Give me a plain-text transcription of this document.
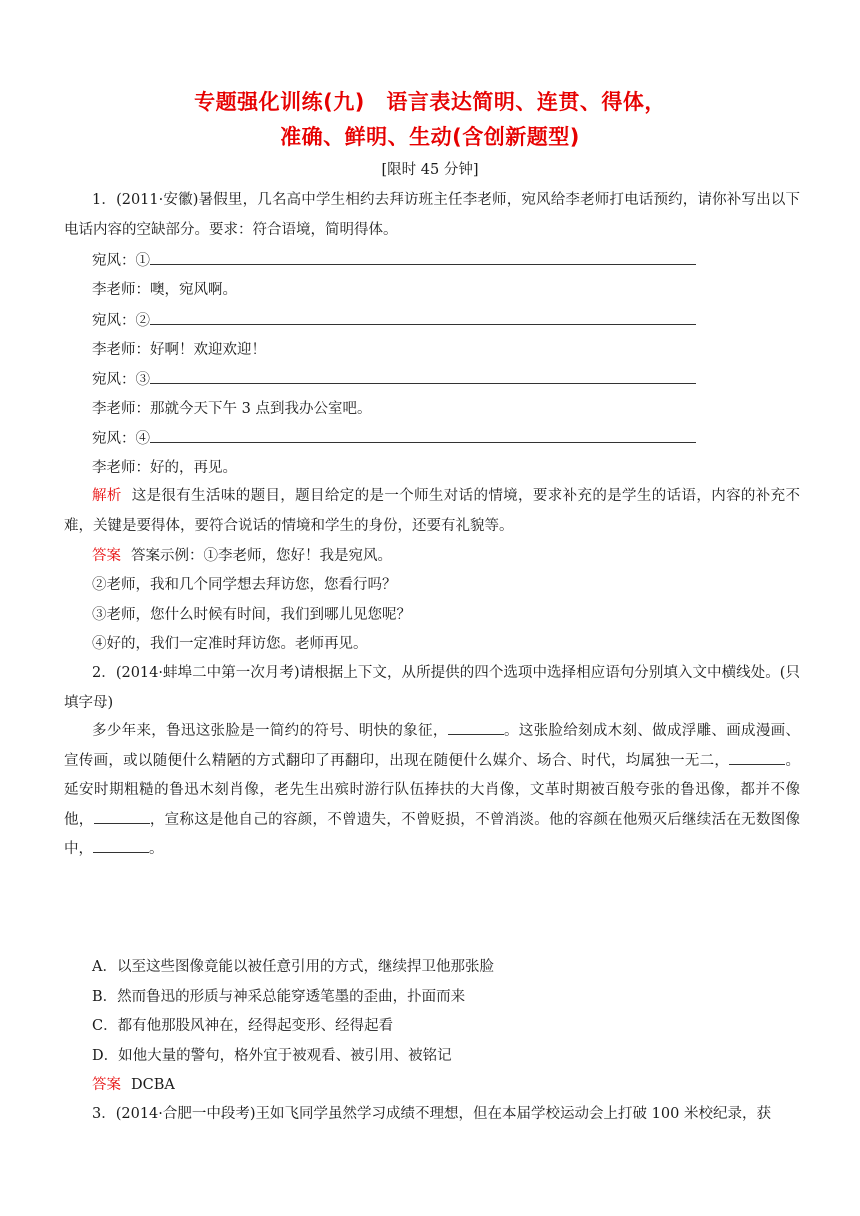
专题强化训练(九)　语言表达简明、连贯、得体，
准确、鲜明、生动(含创新题型)
[限时 45 分钟]
1．(2011·安徽)暑假里，几名高中学生相约去拜访班主任李老师，宛风给李老师打电话预约，请你补写出以下电话内容的空缺部分。要求：符合语境，简明得体。
宛风：①
李老师：噢，宛风啊。
宛风：②
李老师：好啊！欢迎欢迎！
宛风：③
李老师：那就今天下午 3 点到我办公室吧。
宛风：④
李老师：好的，再见。
解析 这是很有生活味的题目，题目给定的是一个师生对话的情境，要求补充的是学生的话语，内容的补充不难，关键是要得体，要符合说话的情境和学生的身份，还要有礼貌等。
答案 答案示例：①李老师，您好！我是宛风。
②老师，我和几个同学想去拜访您，您看行吗？
③老师，您什么时候有时间，我们到哪儿见您呢？
④好的，我们一定准时拜访您。老师再见。
2．(2014·蚌埠二中第一次月考)请根据上下文，从所提供的四个选项中选择相应语句分别填入文中横线处。(只填字母)
多少年来，鲁迅这张脸是一简约的符号、明快的象征，	。这张脸给刻成木刻、做成浮雕、画成漫画、宣传画，或以随便什么精陋的方式翻印了再翻印，出现在随便什么媒介、场合、时代，均属独一无二，	。延安时期粗糙的鲁迅木刻肖像，老先生出殡时游行队伍捧扶的大肖像，文革时期被百般夸张的鲁迅像，都并不像他，	，宣称这是他自己的容颜，不曾遗失，不曾贬损，不曾消淡。他的容颜在他殒灭后继续活在无数图像中，	。
A．以至这些图像竟能以被任意引用的方式，继续捍卫他那张脸
B．然而鲁迅的形质与神采总能穿透笔墨的歪曲，扑面而来
C．都有他那股风神在，经得起变形、经得起看
D．如他大量的警句，格外宜于被观看、被引用、被铭记
答案 DCBA
3．(2014·合肥一中段考)王如飞同学虽然学习成绩不理想，但在本届学校运动会上打破 100 米校纪录，获
